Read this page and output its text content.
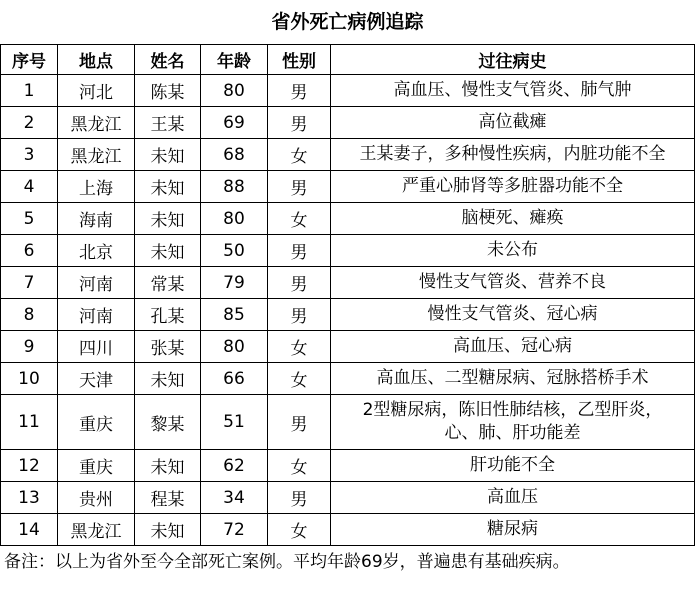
省外死亡病例追踪
序号	地点	姓名	年龄	性别	过往病史
1	河北	陈某	80	男	高血压、慢性支气管炎、肺气肿

2	黑龙江	王某	69	男	高位截瘫

3	黑龙江	未知	68	女	王某妻子，多种慢性疾病，内脏功能不全

4	上海	未知	88	男	严重心肺肾等多脏器功能不全

5	海南	未知	80	女	脑梗死、瘫痪

6	北京	未知	50	男	未公布

7	河南	常某	79	男	慢性支气管炎、营养不良

8	河南	孔某	85	男	慢性支气管炎、冠心病

9	四川	张某	80	女	高血压、冠心病

10	天津	未知	66	女	高血压、二型糖尿病、冠脉搭桥手术

11	重庆	黎某	51	男	2型糖尿病，陈旧性肺结核，乙型肝炎，
心、肺、肝功能差

12	重庆	未知	62	女	肝功能不全

13	贵州	程某	34	男	高血压

14	黑龙江	未知	72	女	糖尿病
备注：以上为省外至今全部死亡案例。平均年龄69岁，普遍患有基础疾病。
